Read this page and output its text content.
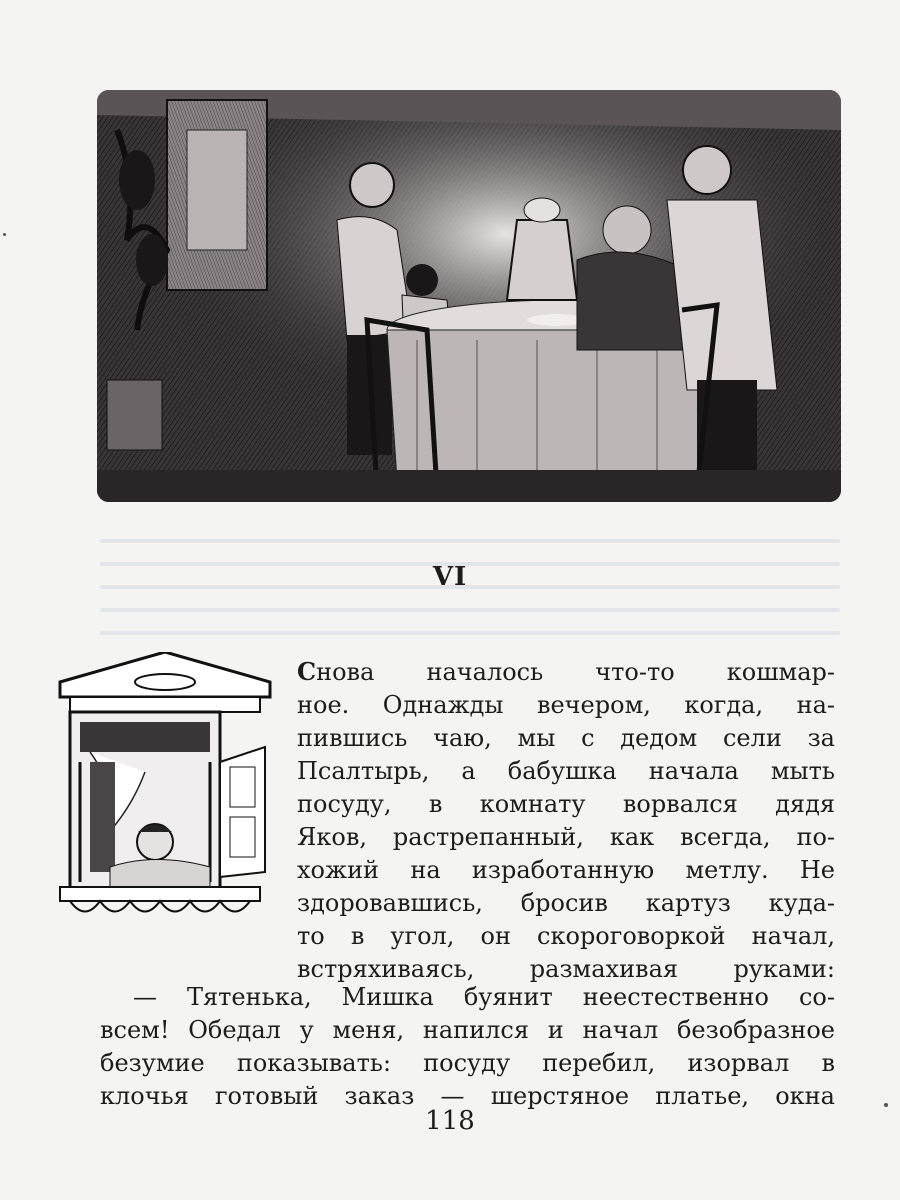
VI
Снова началось что-то кошмар-
ное. Однажды вечером, когда, на-
пившись чаю, мы с дедом сели за
Псалтырь, а бабушка начала мыть
посуду, в комнату ворвался дядя
Яков, растрепанный, как всегда, по-
хожий на изработанную метлу. Не
здоровавшись, бросив картуз куда-
то в угол, он скороговоркой начал,
встряхиваясь, размахивая руками:
— Тятенька, Мишка буянит неестественно со-
всем! Обедал у меня, напился и начал безобразное
безумие показывать: посуду перебил, изорвал в
клочья готовый заказ — шерстяное платье, окна
118
